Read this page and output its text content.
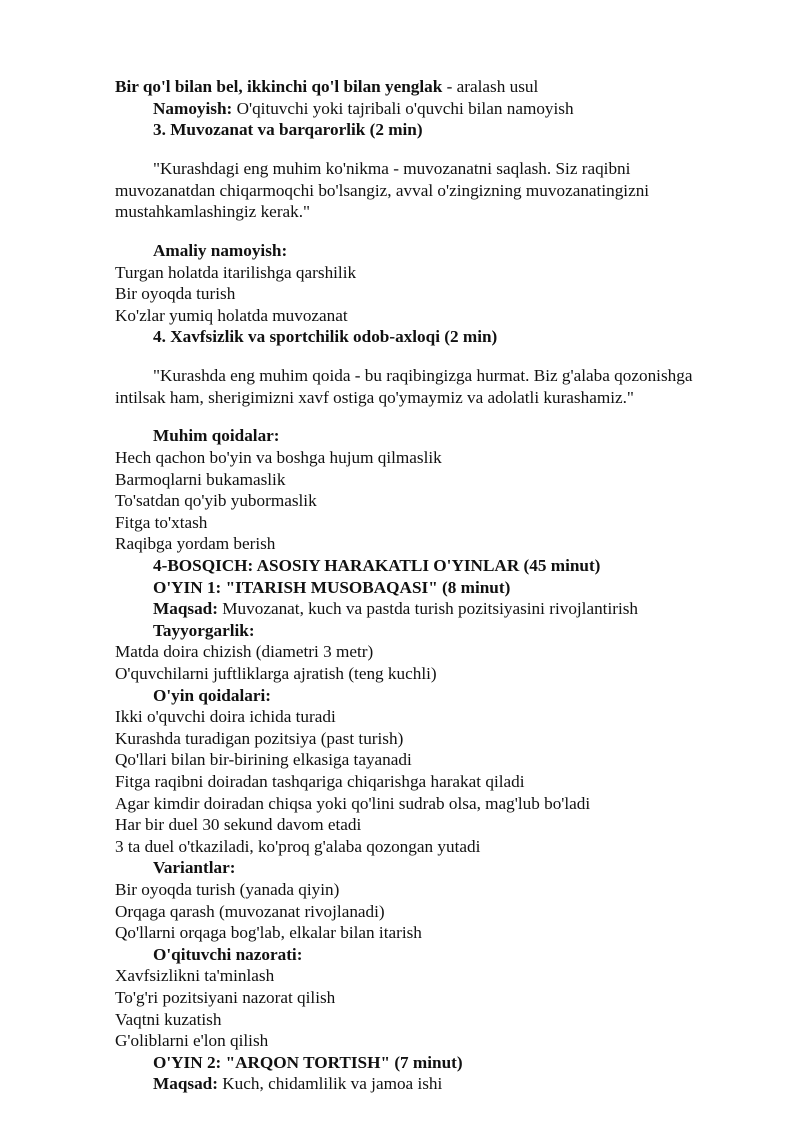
Bir qo'l bilan bel, ikkinchi qo'l bilan yenglak - aralash usul

Namoyish: O'qituvchi yoki tajribali o'quvchi bilan namoyish

3. Muvozanat va barqarorlik (2 min)

"Kurashdagi eng muhim ko'nikma - muvozanatni saqlash. Siz raqibni muvozanatdan chiqarmoqchi bo'lsangiz, avval o'zingizning muvozanatingizni mustahkamlashingiz kerak."

Amaliy namoyish:

Turgan holatda itarilishga qarshilik

Bir oyoqda turish

Ko'zlar yumiq holatda muvozanat

4. Xavfsizlik va sportchilik odob-axloqi (2 min)

"Kurashda eng muhim qoida - bu raqibingizga hurmat. Biz g'alaba qozonishga intilsak ham, sherigimizni xavf ostiga qo'ymaymiz va adolatli kurashamiz."

Muhim qoidalar:

Hech qachon bo'yin va boshga hujum qilmaslik

Barmoqlarni bukamaslik

To'satdan qo'yib yubormaslik

Fitga to'xtash

Raqibga yordam berish

4-BOSQICH: ASOSIY HARAKATLI O'YINLAR (45 minut)

O'YIN 1: "ITARISH MUSOBAQASI" (8 minut)

Maqsad: Muvozanat, kuch va pastda turish pozitsiyasini rivojlantirish

Tayyorgarlik:

Matda doira chizish (diametri 3 metr)

O'quvchilarni juftliklarga ajratish (teng kuchli)

O'yin qoidalari:

Ikki o'quvchi doira ichida turadi

Kurashda turadigan pozitsiya (past turish)

Qo'llari bilan bir-birining elkasiga tayanadi

Fitga raqibni doiradan tashqariga chiqarishga harakat qiladi

Agar kimdir doiradan chiqsa yoki qo'lini sudrab olsa, mag'lub bo'ladi

Har bir duel 30 sekund davom etadi

3 ta duel o'tkaziladi, ko'proq g'alaba qozongan yutadi

Variantlar:

Bir oyoqda turish (yanada qiyin)

Orqaga qarash (muvozanat rivojlanadi)

Qo'llarni orqaga bog'lab, elkalar bilan itarish

O'qituvchi nazorati:

Xavfsizlikni ta'minlash

To'g'ri pozitsiyani nazorat qilish

Vaqtni kuzatish

G'oliblarni e'lon qilish

O'YIN 2: "ARQON TORTISH" (7 minut)

Maqsad: Kuch, chidamlilik va jamoa ishi
